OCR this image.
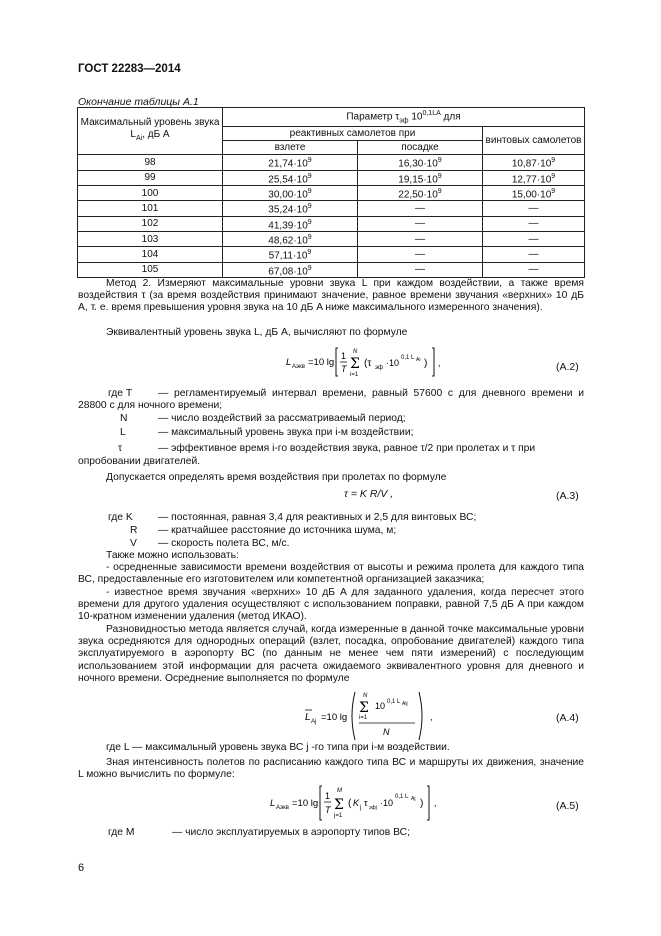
ГОСТ 22283—2014
Окончание таблицы А.1
Максимальный уровень звука $L_{Ai}$, дБ A	Параметр $\tau_{эф}$ $10^{0,1LA}$ для		
	реактивных самолетов при		винтовых самолетов
	взлете	посадке	
98	$21,74\cdot 10^9$	$16,30\cdot 10^9$	$10,87\cdot 10^9$
99	$25,54\cdot 10^9$	$19,15\cdot 10^9$	$12,77\cdot 10^9$
100	$30,00\cdot 10^9$	$22,50\cdot 10^9$	$15,00\cdot 10^9$
101	$35,24\cdot 10^9$	—	—
102	$41,39\cdot 10^9$	—	—
103	$48,62\cdot 10^9$	—	—
104	$57,11\cdot 10^9$	—	—
105	$67,08\cdot 10^9$	—	—
Метод 2. Измеряют максимальные уровни звука L при каждом воздействии, а также время воздействия τ (за время воздействия принимают значение, равное времени звучания «верхних» 10 дБ A, т. е. время превышения уровня звука на 10 дБ A ниже максимального измеренного значения).
Эквивалентный уровень звука L, дБ A, вычисляют по формуле
L Aэкв =10 lg
1
T
N
Σ
i=1
(τ эф ·10 0,1 L Ai ) ,	(А.2)
где T	— регламентируемый интервал времени, равный 57600 с для дневного времени и 28800 с для ночного времени;
N	— число воздействий за рассматриваемый период;
L	— максимальный уровень звука при i-м воздействии;
τ	— эффективное время i-го воздействия звука, равное τ/2 при пролетах и τ при
опробовании двигателей.
Допускается определять время воздействия при пролетах по формуле
τ = K R/V ,	(А.3)
где K	— постоянная, равная 3,4 для реактивных и 2,5 для винтовых ВС;
R	— кратчайшее расстояние до источника шума, м;
V	— скорость полета ВС, м/с.
Также можно использовать:
- осредненные зависимости времени воздействия от высоты и режима пролета для каждого типа ВС, предоставленные его изготовителем или компетентной организацией заказчика;
- известное время звучания «верхних» 10 дБ A для заданного удаления, когда пересчет этого времени для другого удаления осуществляют с использованием поправки, равной 7,5 дБ A при каждом 10-кратном изменении удаления (метод ИКАО).
Разновидностью метода является случай, когда измеренные в данной точке максимальные уровни звука осредняются для однородных операций (взлет, посадка, опробование двигателей) каждого типа эксплуатируемого в аэропорту ВС (по данным не менее чем пяти измерений) с последующим использованием этой информации для расчета ожидаемого эквивалентного уровня для дневного и ночного времени. Осреднение выполняется по формуле
L Aj =10 lg
N
Σ
i=1
10 0,1 L Aij
N
,	(А.4)
где L — максимальный уровень звука ВС j -го типа при i-м воздействии.
Зная интенсивность полетов по расписанию каждого типа ВС и маршруты их движения, значение L можно вычислить по формуле:
L Aэкв =10 lg
1
T
M
Σ
j=1
( K j τ эфj ·10
0,1 L Aj ) ,	(А.5)
где M	— число эксплуатируемых в аэропорту типов ВС;
6
